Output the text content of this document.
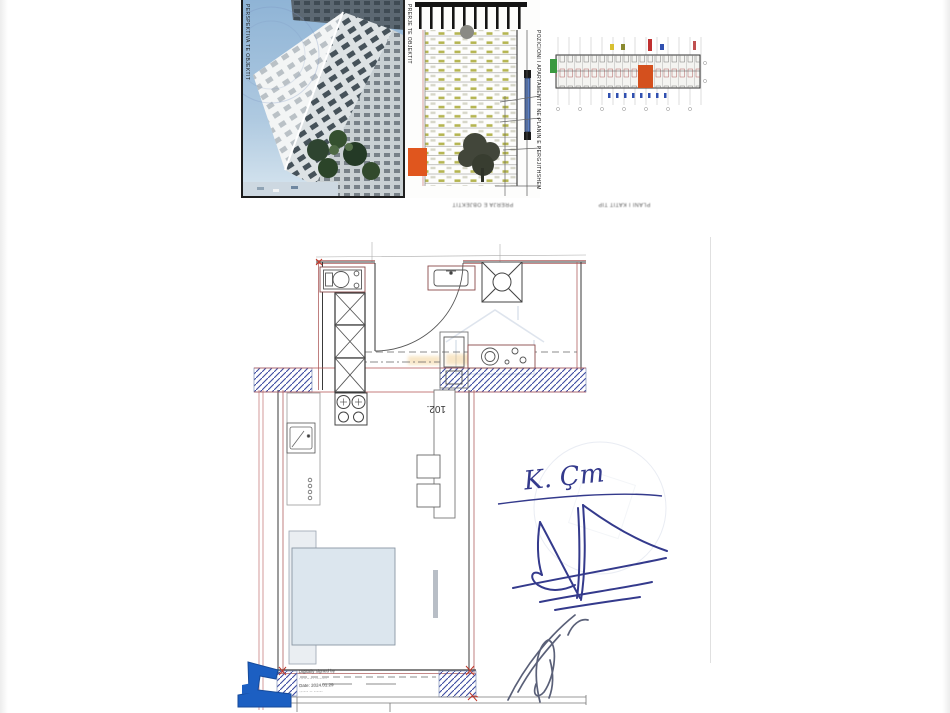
PERSPEKTIVA TE OBJEKTIT	PRERJE TE OBJEKTIT	POZICIONI I APARTAMENTIT NE PLANIN E PERGJITHSHEM
PRERJA E OBJEKTIT	PLANI I KATIT TIP
102.
Digitally signed by
·········· ········
Date: 2024.01.29
······ ·· ······
K. Çm
